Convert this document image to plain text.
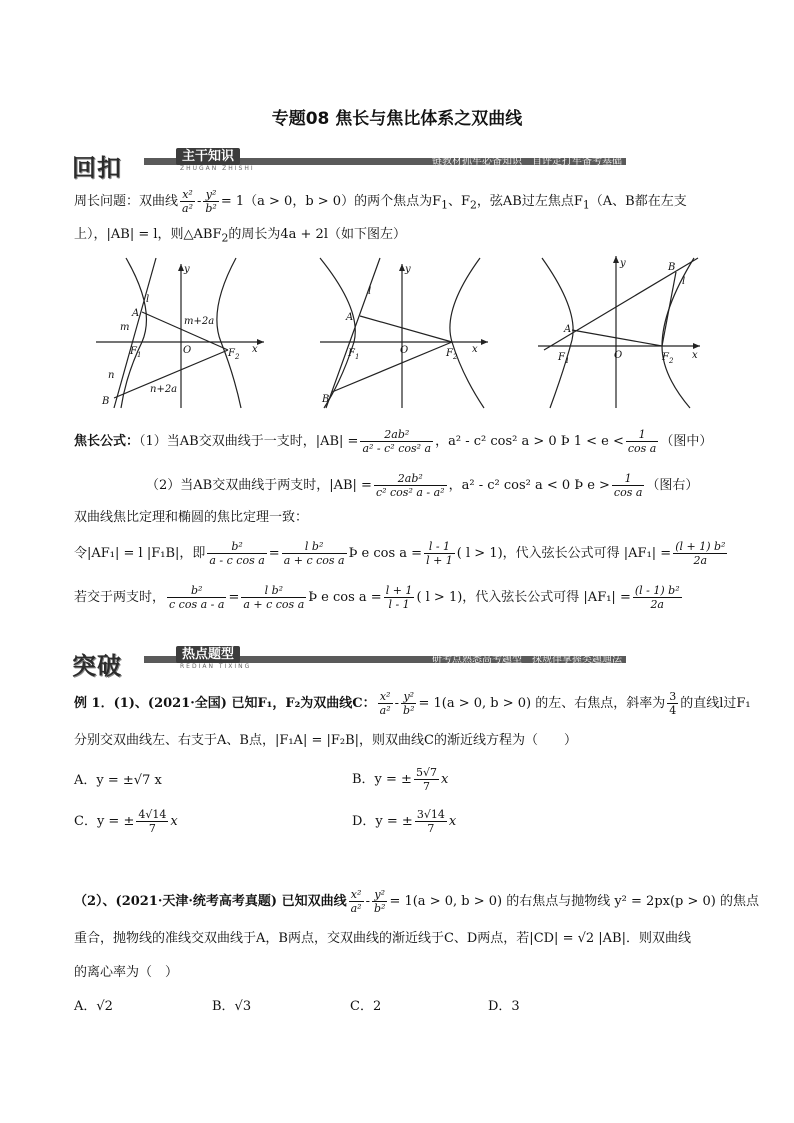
专题08 焦长与焦比体系之双曲线
回扣	主干知识
ZHUGAN ZHISHI
链教材抓牢必备知识　自评定打牢备考基础
周长问题：双曲线 $\frac{\text{x²}}{\text{a²}} - \frac{\text{y²}}{\text{b²}} = 1(a > 0$，b > 0）的两个焦点为$F_1$、$F_2$，弦AB过左焦点$F_1(A$、B都在左支
上），|AB| = l，则$\triangle ABF_2$的周长为4a + 2l（如下图左）
A
B
$F_1$	$F_2$
O	x
y
l
m
n
m+2a
n+2a
A
B
$F_1$	$F_2$
O	x
y
l
A
B
$F_1$	$F_2$
O	x
y
l
焦长公式：（1）当AB交双曲线于一支时，$|AB| = \frac{\text{2ab²}}{\text{a² - c² cos² a}}$ ，a² - c² cos² a > 0 Þ $1 < e < \frac{1}{\text{cos a}}$ （图中）
（2）当AB交双曲线于两支时，$|AB| = \frac{\text{2ab²}}{\text{c² cos² a - a²}}$ ，a² - c² cos² a < 0 Þ $e > \frac{1}{\text{cos a}}$ （图右）
双曲线焦比定理和椭圆的焦比定理一致：
令|AF₁| = l |F₁B|，即 $\frac{\text{b²}}{\text{a - c cos a}} = \frac{\text{l b²}}{\text{a + c cos a}}$ Þ e $\cos a = \frac{l - 1}{l + 1}$ ( l > 1)，代入弦长公式可得 $|AF_1| = \frac{\text{(l + 1) b²}}{2a}$
若交于两支时， $\frac{\text{b²}}{\text{c cos a - a}} = \frac{\text{l b²}}{\text{a + c cos a}}$ Þ e $\cos a = \frac{l + 1}{l - 1}$ ( l > 1)，代入弦长公式可得 $|AF_1| = \frac{\text{(l - 1) b²}}{2a}$
突破	热点题型
REDIAN TIXING
研考点熟悉高考题型　探规律掌握类题通法
例 1．(1)、(2021·全国) 已知F₁，F₂为双曲线C： $\frac{\text{x²}}{\text{a²}} - \frac{\text{y²}}{\text{b²}} = 1(a > 0$, b > 0) 的左、右焦点，斜率为 $\frac{3}{4}$ 的直线l过F₁
分别交双曲线左、右支于A、B点，|F₁A| = |F₂B|，则双曲线C的渐近线方程为（　　）
A．y = ±√7 x	B．y = ± $\frac{5√7}{7}$ x
C．y = ± $\frac{4√14}{7}$ x	D．y = ± $\frac{3√14}{7}$ x
（2）、(2021·天津·统考高考真题) 已知双曲线 $\frac{\text{x²}}{\text{a²}} - \frac{\text{y²}}{\text{b²}} = 1(a > 0$, b > 0) 的右焦点与抛物线 y² = 2px(p > 0) 的焦点
重合，抛物线的准线交双曲线于A，B两点，交双曲线的渐近线于C、D两点，若|CD| = √2 |AB|．则双曲线
的离心率为（　）
A．√2	B．√3	C．2	D．3
